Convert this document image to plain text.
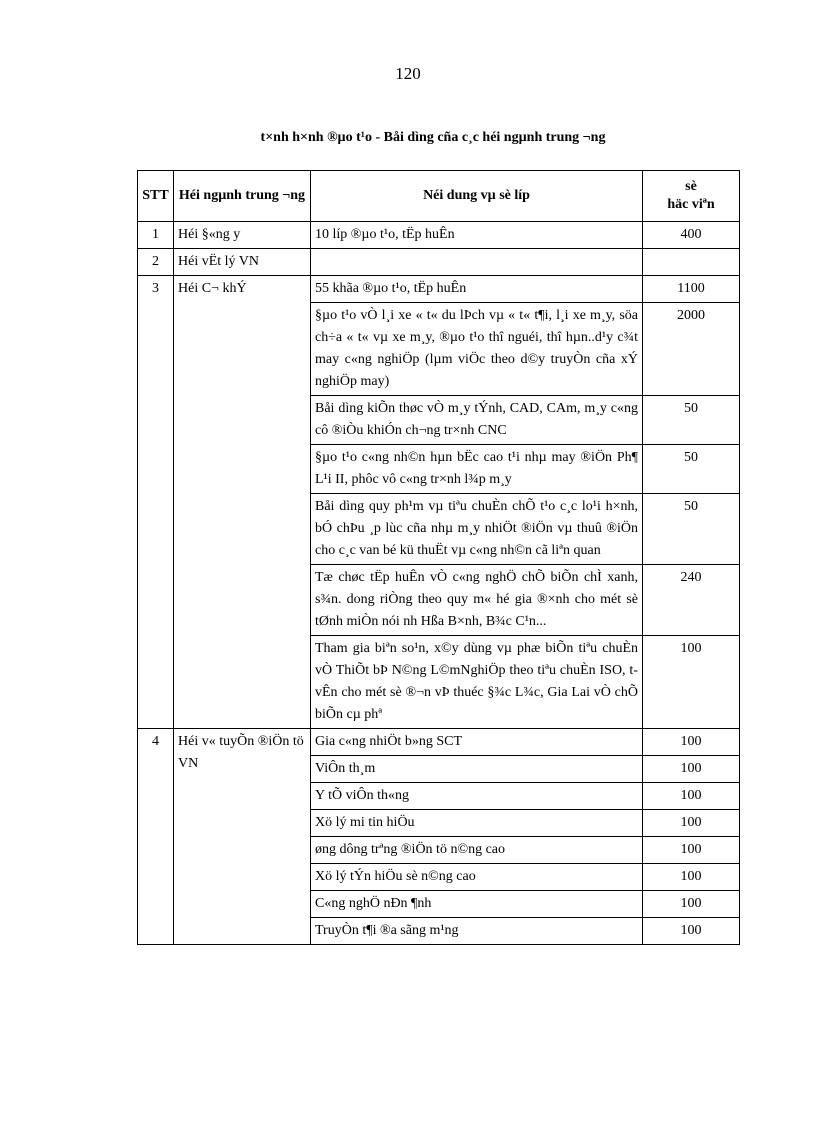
120
t×nh h×nh ®µo t¹o - Båi dìng cña c¸c héi ngµnh trung ¬ng
STT	Héi ngµnh trung ¬ng	Néi dung vµ sè líp	sè
häc viªn
1	Héi §«ng y	10 líp ®µo t¹o, tËp huÊn	400
2	Héi vËt lý VN		
3	Héi C¬ khÝ	55 khãa ®µo t¹o, tËp huÊn	1100
		§µo t¹o vÒ l¸i xe « t« du lÞch vµ « t« t¶i, l¸i xe m¸y, söa ch÷a « t« vµ xe m¸y, ®µo t¹o thî nguéi, thî hµn..d¹y c¾t may c«ng nghiÖp (lµm viÖc theo d©y truyÒn cña xÝ nghiÖp may)	2000
		Båi dìng kiÕn thøc vÒ m¸y tÝnh, CAD, CAm, m¸y c«ng cô ®iÒu khiÓn ch¬ng tr×nh CNC	50
		§µo t¹o c«ng nh©n hµn bËc cao t¹i nhµ may ®iÖn Ph¶ L¹i II, phôc vô c«ng tr×nh l¾p m¸y	50
		Båi dìng quy ph¹m vµ tiªu chuÈn chÕ t¹o c¸c lo¹i h×nh, bÓ chÞu ¸p lùc cña nhµ m¸y nhiÖt ®iÖn vµ thuû ®iÖn cho c¸c van bé kü thuËt vµ c«ng nh©n cã liªn quan	50
		Tæ chøc tËp huÊn vÒ c«ng nghÖ chÕ biÕn chÌ xanh, s¾n. dong riÒng theo quy m« hé gia ®×nh cho mét sè tØnh miÒn nói nh Hßa B×nh, B¾c C¹n...	240
		Tham gia biªn so¹n, x©y dùng vµ phæ biÕn tiªu chuÈn vÒ ThiÕt bÞ N©ng L©mNghiÖp theo tiªu chuÈn ISO, t vÊn cho mét sè ®¬n vÞ thuéc §¾c L¾c, Gia Lai vÒ chÕ biÕn cµ phª	100
4	Héi v« tuyÕn ®iÖn tö VN	Gia c«ng nhiÖt b»ng SCT	100
		ViÔn th¸m	100
		Y tÕ viÔn th«ng	100
		Xö lý mi tin hiÖu	100
		øng dông trªng ®iÖn tö n©ng cao	100
		Xö lý tÝn hiÖu sè n©ng cao	100
		C«ng nghÖ nÐn ¶nh	100
		TruyÒn t¶i ®a sãng m¹ng	100
